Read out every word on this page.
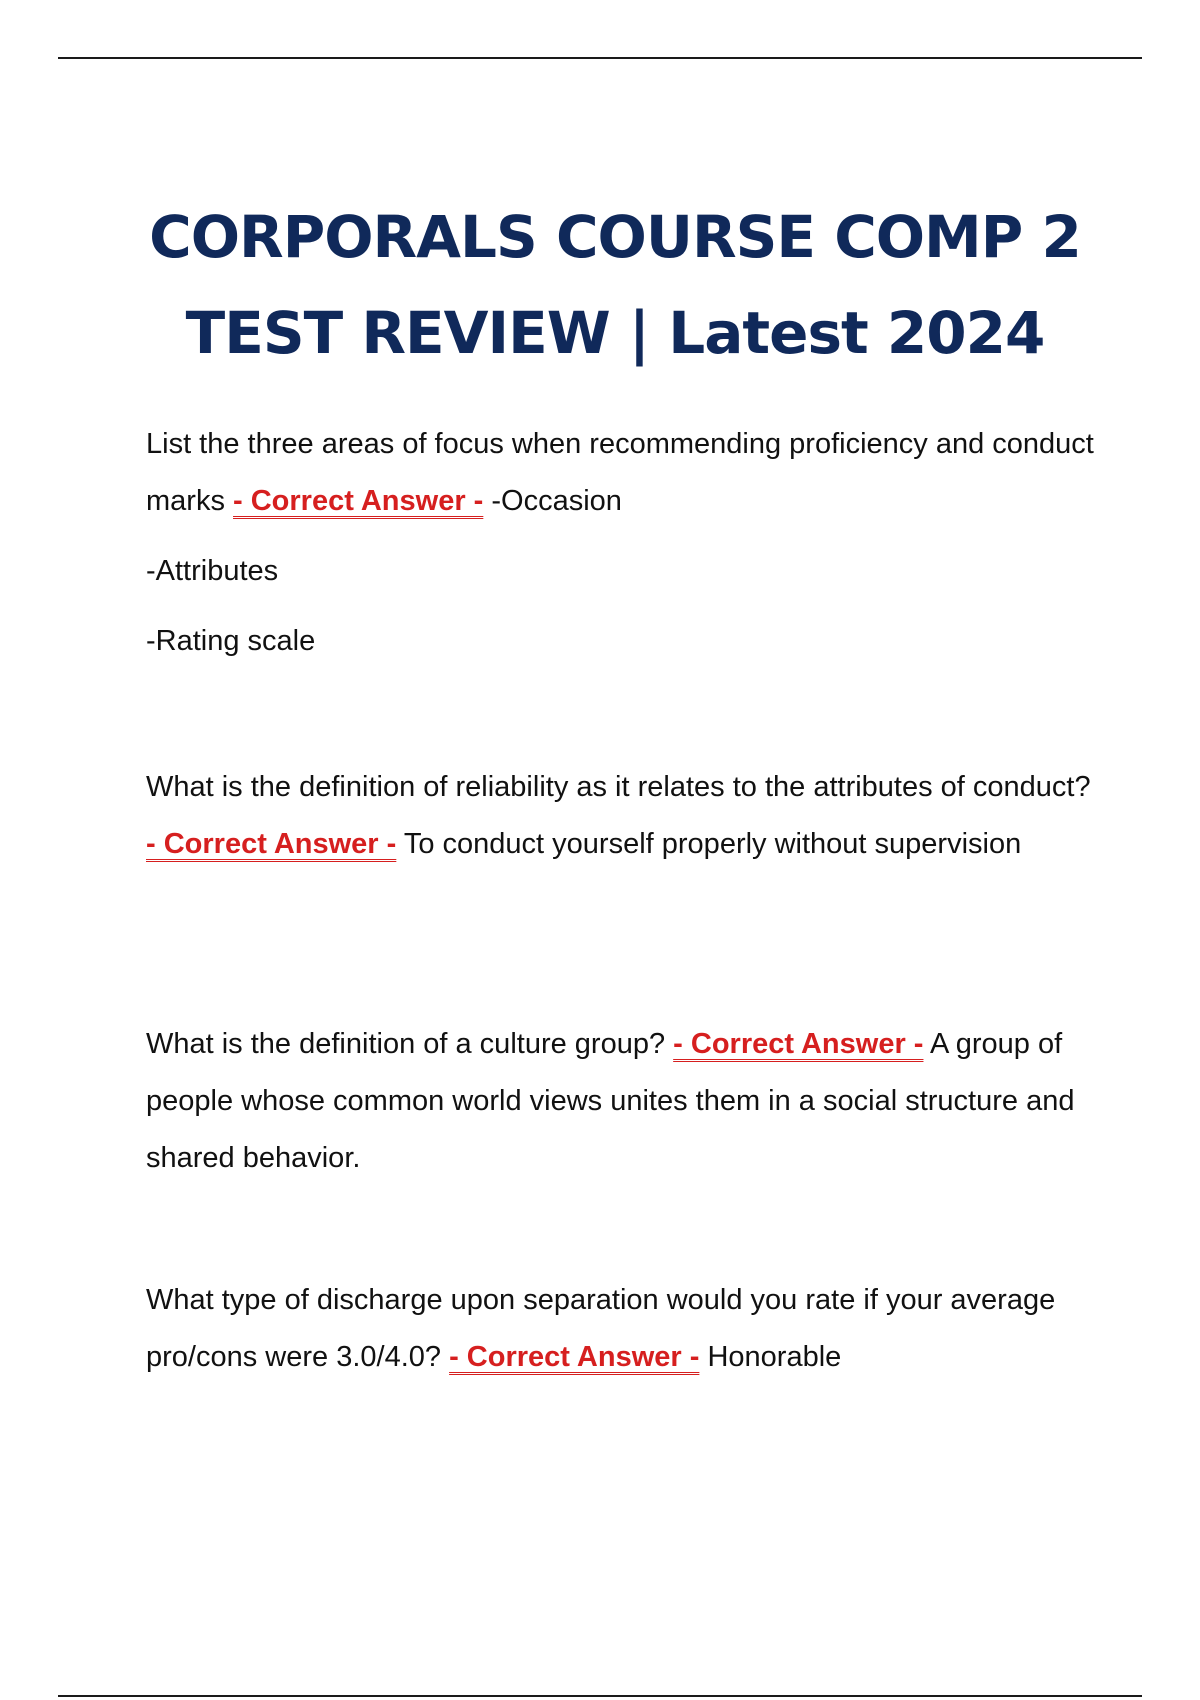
CORPORALS COURSE COMP 2
TEST REVIEW | Latest 2024

List the three areas of focus when recommending proficiency and conduct marks - Correct Answer - -Occasion

-Attributes

-Rating scale

What is the definition of reliability as it relates to the attributes of conduct? - Correct Answer - To conduct yourself properly without supervision

What is the definition of a culture group? - Correct Answer - A group of people whose common world views unites them in a social structure and shared behavior.

What type of discharge upon separation would you rate if your average pro/cons were 3.0/4.0? - Correct Answer - Honorable
